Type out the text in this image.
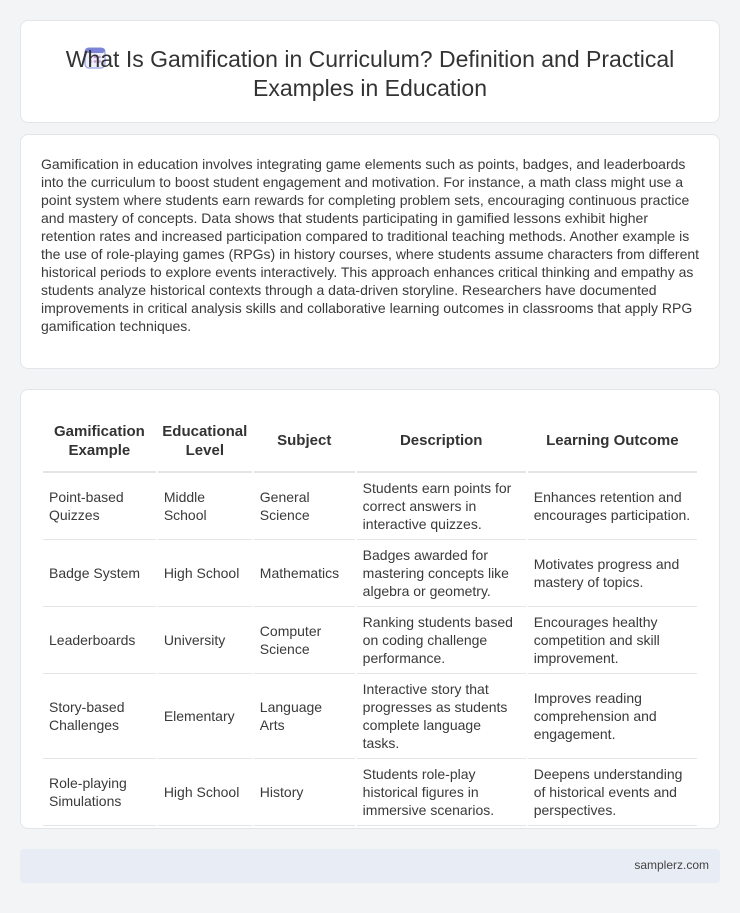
What Is Gamification in Curriculum? Definition and Practical Examples in Education

Gamification in education involves integrating game elements such as points, badges, and leaderboards into the curriculum to boost student engagement and motivation. For instance, a math class might use a point system where students earn rewards for completing problem sets, encouraging continuous practice and mastery of concepts. Data shows that students participating in gamified lessons exhibit higher retention rates and increased participation compared to traditional teaching methods. Another example is the use of role-playing games (RPGs) in history courses, where students assume characters from different historical periods to explore events interactively. This approach enhances critical thinking and empathy as students analyze historical contexts through a data-driven storyline. Researchers have documented improvements in critical analysis skills and collaborative learning outcomes in classrooms that apply RPG gamification techniques.

Gamification Example	Educational Level	Subject	Description	Learning Outcome
Point-based Quizzes	Middle School	General Science	Students earn points for correct answers in interactive quizzes.	Enhances retention and encourages participation.
Badge System	High School	Mathematics	Badges awarded for mastering concepts like algebra or geometry.	Motivates progress and mastery of topics.
Leaderboards	University	Computer Science	Ranking students based on coding challenge performance.	Encourages healthy competition and skill improvement.
Story-based Challenges	Elementary	Language Arts	Interactive story that progresses as students complete language tasks.	Improves reading comprehension and engagement.
Role-playing Simulations	High School	History	Students role-play historical figures in immersive scenarios.	Deepens understanding of historical events and perspectives.
samplerz.com
